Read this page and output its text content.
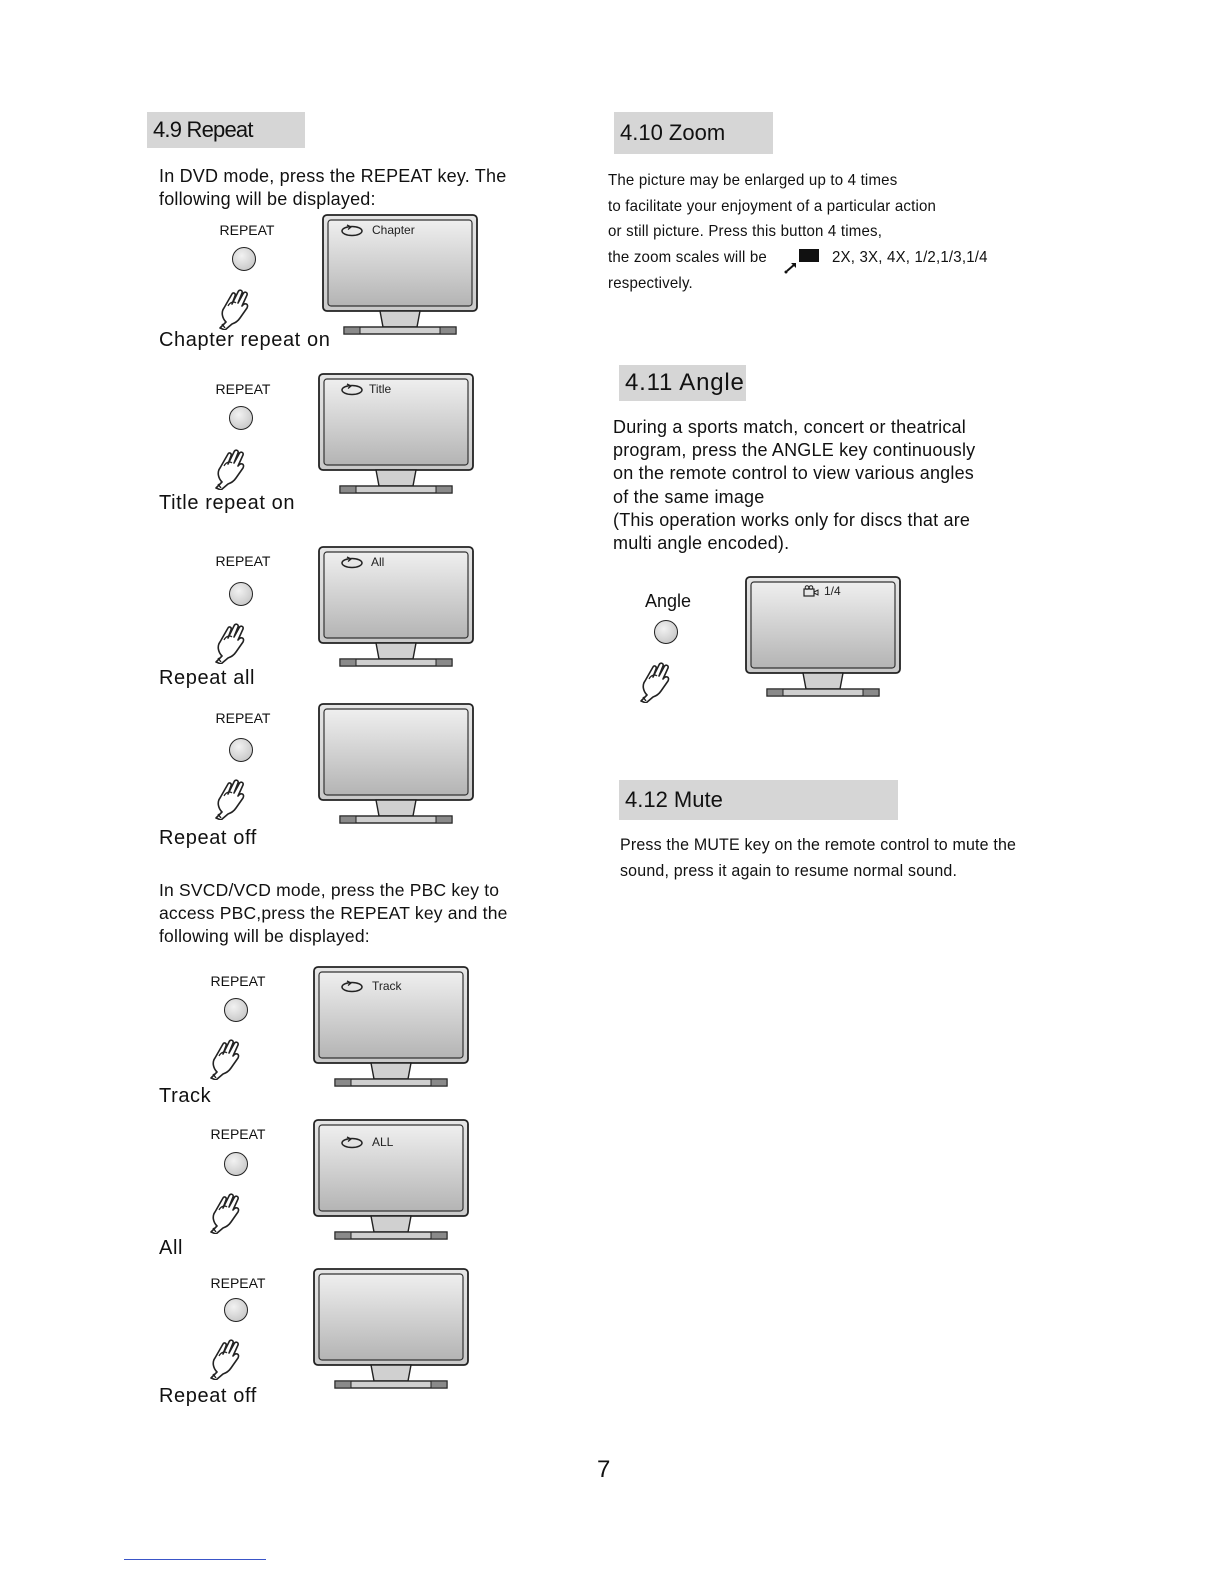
4.9 Repeat
In DVD mode, press the REPEAT key. The
following will be displayed:
REPEAT	Chapter
Chapter repeat on
REPEAT	Title
Title repeat on
REPEAT	All
Repeat all
REPEAT
Repeat off
In SVCD/VCD mode, press the PBC key to
access PBC,press the REPEAT key and the
following will be displayed:
REPEAT	Track
Track
REPEAT	ALL
All
REPEAT
Repeat off
4.10 Zoom
The picture may be enlarged up to 4 times
to facilitate your enjoyment of a particular action
or still picture. Press this button 4 times,
the zoom scales will be	2X, 3X, 4X, 1/2,1/3,1/4
respectively.
4.11 Angle
During a sports match, concert or theatrical
program, press the ANGLE key continuously
on the remote control to view various angles
of the same image
(This operation works only for discs that are
multi angle encoded).
Angle	1/4
4.12 Mute
Press the MUTE key on the remote control to mute the
sound, press it again to resume normal sound.
7
